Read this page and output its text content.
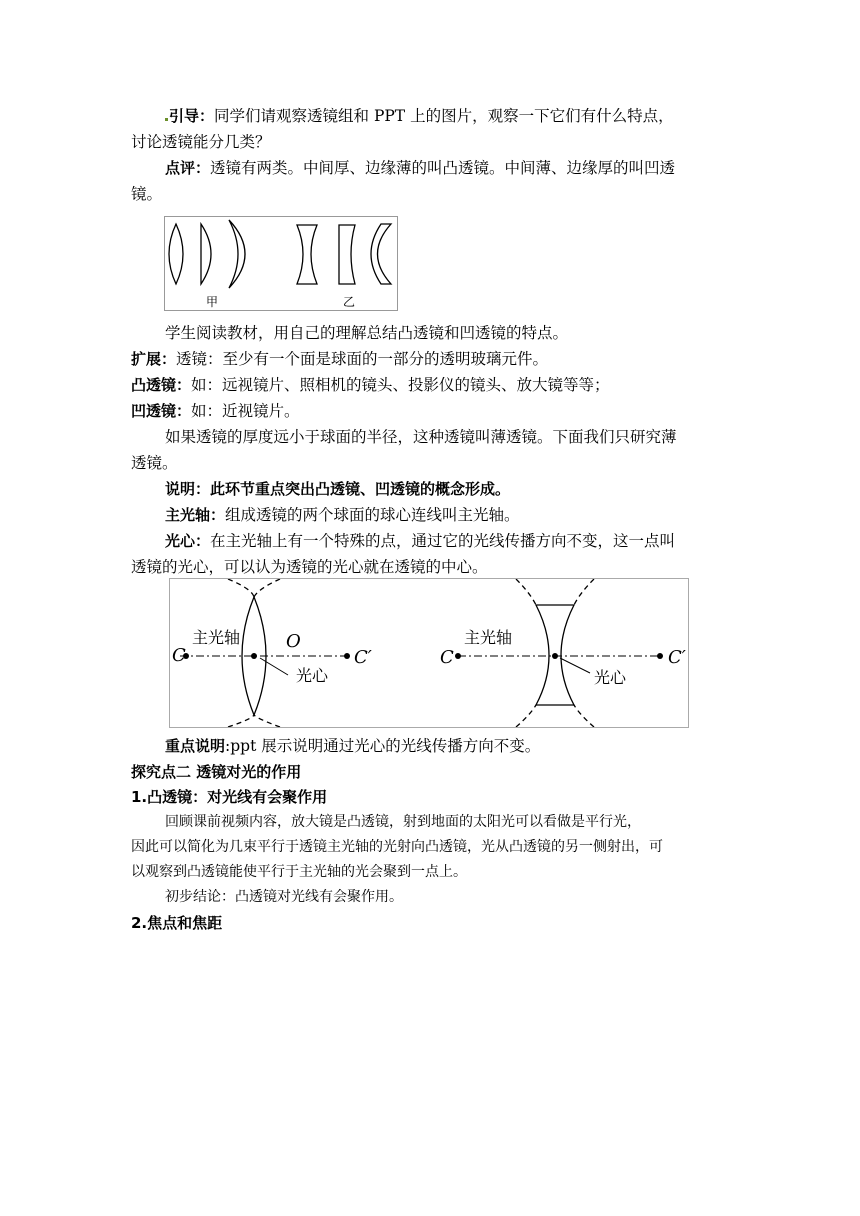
引导：同学们请观察透镜组和 PPT 上的图片，观察一下它们有什么特点，

讨论透镜能分几类？

点评：透镜有两类。中间厚、边缘薄的叫凸透镜。中间薄、边缘厚的叫凹透

镜。

甲	乙

学生阅读教材，用自己的理解总结凸透镜和凹透镜的特点。

扩展：透镜：至少有一个面是球面的一部分的透明玻璃元件。

凸透镜：如：远视镜片、照相机的镜头、投影仪的镜头、放大镜等等；

凹透镜：如：近视镜片。

如果透镜的厚度远小于球面的半径，这种透镜叫薄透镜。下面我们只研究薄

透镜。

说明：此环节重点突出凸透镜、凹透镜的概念形成。

主光轴：组成透镜的两个球面的球心连线叫主光轴。

光心：在主光轴上有一个特殊的点，通过它的光线传播方向不变，这一点叫

透镜的光心，可以认为透镜的光心就在透镜的中心。

C
主光轴	O
C′
光心
C
主光轴
C′
光心

重点说明:ppt 展示说明通过光心的光线传播方向不变。

探究点二 透镜对光的作用

1.凸透镜：对光线有会聚作用

回顾课前视频内容，放大镜是凸透镜，射到地面的太阳光可以看做是平行光，

因此可以简化为几束平行于透镜主光轴的光射向凸透镜，光从凸透镜的另一侧射出，可

以观察到凸透镜能使平行于主光轴的光会聚到一点上。

初步结论：凸透镜对光线有会聚作用。

2.焦点和焦距
